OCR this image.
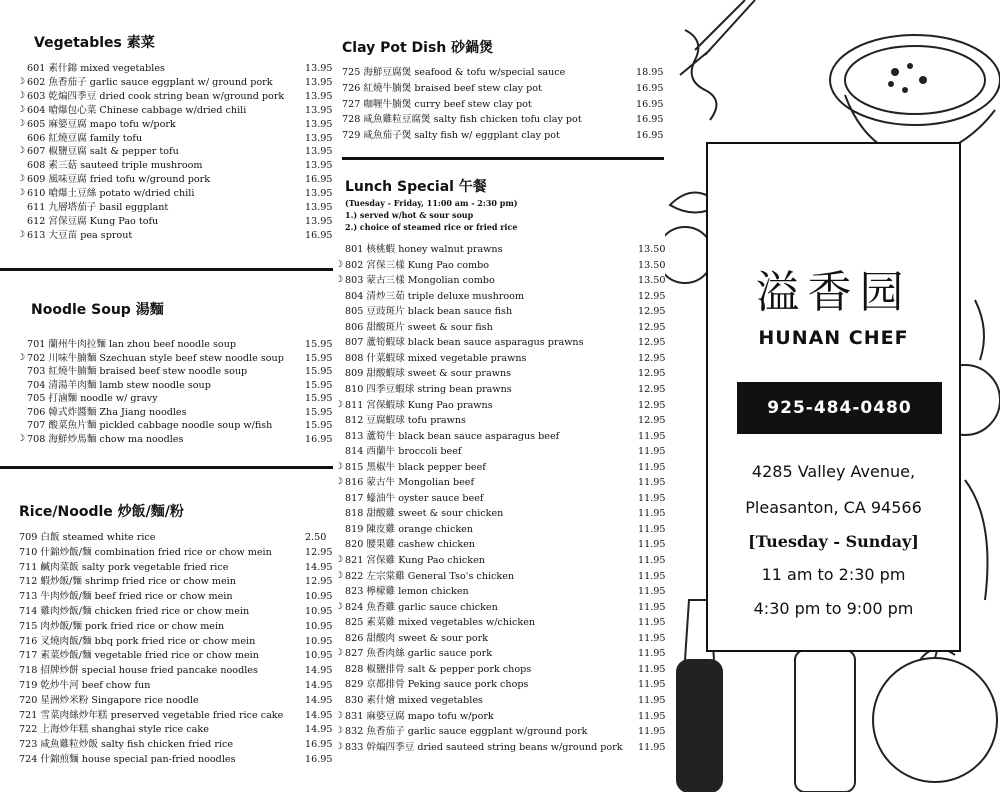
Vegetables 素菜
601 素什錦 mixed vegetables	13.95
☽ 602 魚香茄子 garlic sauce eggplant w/ ground pork	13.95
☽ 603 乾煸四季豆 dried cook string bean w/ground pork 13.95
☽ 604 嗆爆包心菜 Chinese cabbage w/dried chili	13.95
☽ 605 麻婆豆腐 mapo tofu w/pork	13.95
606 紅燒豆腐 family tofu	13.95
☽ 607 椒鹽豆腐 salt & pepper tofu	13.95
608 素三菇 sauteed triple mushroom	13.95
☽ 609 風味豆腐 fried tofu w/ground pork	16.95
☽ 610 嗆爆土豆絲 potato w/dried chili	13.95
611 九層塔茄子 basil eggplant	13.95
612 宮保豆腐 Kung Pao tofu	13.95
☽ 613 大豆苗 pea sprout	16.95
Noodle Soup 湯麵
701 蘭州牛肉拉麵 lan zhou beef noodle soup	15.95
☽ 702 川味牛腩麵 Szechuan style beef stew noodle soup 15.95
703 紅燒牛腩麵 braised beef stew noodle soup	15.95
704 清湯羊肉麵 lamb stew noodle soup	15.95
705 打滷麵 noodle w/ gravy	15.95
706 韓式炸醬麵 Zha Jiang noodles	15.95
707 酸菜魚片麵 pickled cabbage noodle soup w/fish	15.95
☽ 708 海鮮炒馬麵 chow ma noodles	16.95
Rice/Noodle 炒飯/麵/粉
709 白飯 steamed white rice	2.50
710 什錦炒飯/麵 combination fried rice or chow mein	12.95
711 鹹肉菜飯 salty pork vegetable fried rice	14.95
712 蝦炒飯/麵 shrimp fried rice or chow mein	12.95
713 牛肉炒飯/麵 beef fried rice or chow mein	10.95
714 雞肉炒飯/麵 chicken fried rice or chow mein	10.95
715 肉炒飯/麵 pork fried rice or chow mein	10.95
716 叉燒肉飯/麵 bbq pork fried rice or chow mein	10.95
717 素菜炒飯/麵 vegetable fried rice or chow mein	10.95
718 招牌炒餅 special house fried pancake noodles	14.95
719 乾炒牛河 beef chow fun	14.95
720 星洲炒米粉 Singapore rice noodle	14.95
721 雪菜肉絲炒年糕 preserved vegetable fried rice cake 14.95
722 上海炒年糕 shanghai style rice cake	14.95
723 咸魚雞粒炒飯 salty fish chicken fried rice	16.95
724 什錦煎麵 house special pan-fried noodles	16.95
Clay Pot Dish 砂鍋煲
725 海鮮豆腐煲 seafood & tofu w/special sauce	18.95
726 紅燒牛腩煲 braised beef stew clay pot	16.95
727 咖喱牛腩煲 curry beef stew clay pot	16.95
728 咸魚雞粒豆腐煲 salty fish chicken tofu clay pot	16.95
729 咸魚茄子煲 salty fish w/ eggplant clay pot	16.95
Lunch Special 午餐
(Tuesday - Friday, 11:00 am - 2:30 pm)
1.) served w/hot & sour soup
2.) choice of steamed rice or fried rice
801 核桃蝦 honey walnut prawns	13.50
☽ 802 宮保三樣 Kung Pao combo	13.50
☽ 803 蒙古三樣 Mongolian combo	13.50
804 清炒三茹 triple deluxe mushroom	12.95
805 豆豉斑片 black bean sauce fish	12.95
806 甜酸斑片 sweet & sour fish	12.95
807 蘆筍蝦球 black bean sauce asparagus prawns	12.95
808 什菜蝦球 mixed vegetable prawns	12.95
809 甜酸蝦球 sweet & sour prawns	12.95
810 四季豆蝦球 string bean prawns	12.95
☽ 811 宮保蝦球 Kung Pao prawns	12.95
812 豆腐蝦球 tofu prawns	12.95
813 蘆筍牛 black bean sauce asparagus beef	11.95
814 西蘭牛 broccoli beef	11.95
☽ 815 黑椒牛 black pepper beef	11.95
☽ 816 蒙古牛 Mongolian beef	11.95
817 蠔油牛 oyster sauce beef	11.95
818 甜酸雞 sweet & sour chicken	11.95
819 陳皮雞 orange chicken	11.95
820 腰果雞 cashew chicken	11.95
☽ 821 宮保雞 Kung Pao chicken	11.95
☽ 822 左宗棠雞 General Tso's chicken	11.95
823 檸檬雞 lemon chicken	11.95
☽ 824 魚香雞 garlic sauce chicken	11.95
825 素菜雞 mixed vegetables w/chicken	11.95
826 甜酸肉 sweet & sour pork	11.95
☽ 827 魚香肉絲 garlic sauce pork	11.95
828 椒鹽排骨 salt & pepper pork chops	11.95
829 京都排骨 Peking sauce pork chops	11.95
830 素什燴 mixed vegetables	11.95
☽ 831 麻婆豆腐 mapo tofu w/pork	11.95
☽ 832 魚香茄子 garlic sauce eggplant w/ground pork	11.95
☽ 833 幹煸四季豆 dried sauteed string beans w/ground pork 11.95
溢香园
HUNAN CHEF
925-484-0480
4285 Valley Avenue,
Pleasanton, CA 94566
[Tuesday - Sunday]
11 am to 2:30 pm
4:30 pm to 9:00 pm
